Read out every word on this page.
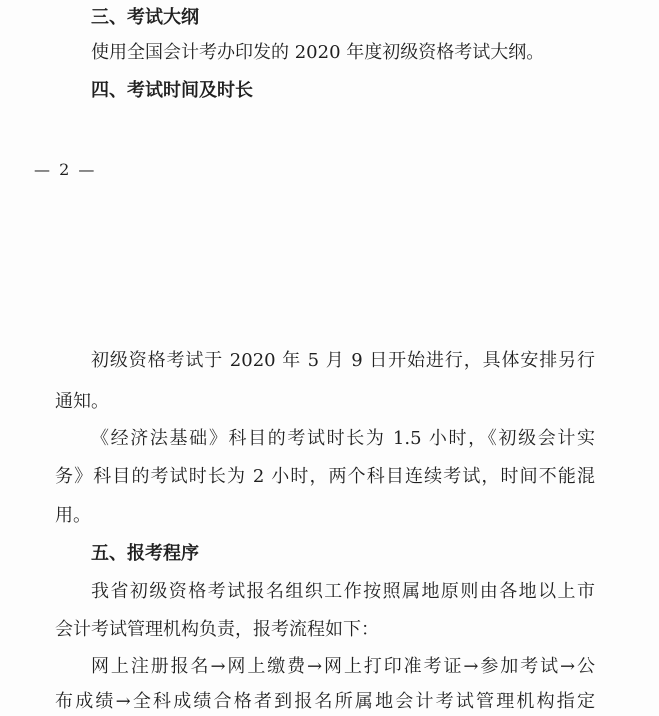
三、考试大纲
使用全国会计考办印发的 2020 年度初级资格考试大纲。
四、考试时间及时长
— 2 —
初级资格考试于 2020 年 5 月 9 日开始进行，具体安排另行
通知。
《经济法基础》科目的考试时长为 1.5 小时，《初级会计实
务》科目的考试时长为 2 小时，两个科目连续考试，时间不能混
用。
五、报考程序
我省初级资格考试报名组织工作按照属地原则由各地以上市
会计考试管理机构负责，报考流程如下：
网上注册报名→网上缴费→网上打印准考证→参加考试→公
布成绩→全科成绩合格者到报名所属地会计考试管理机构指定
